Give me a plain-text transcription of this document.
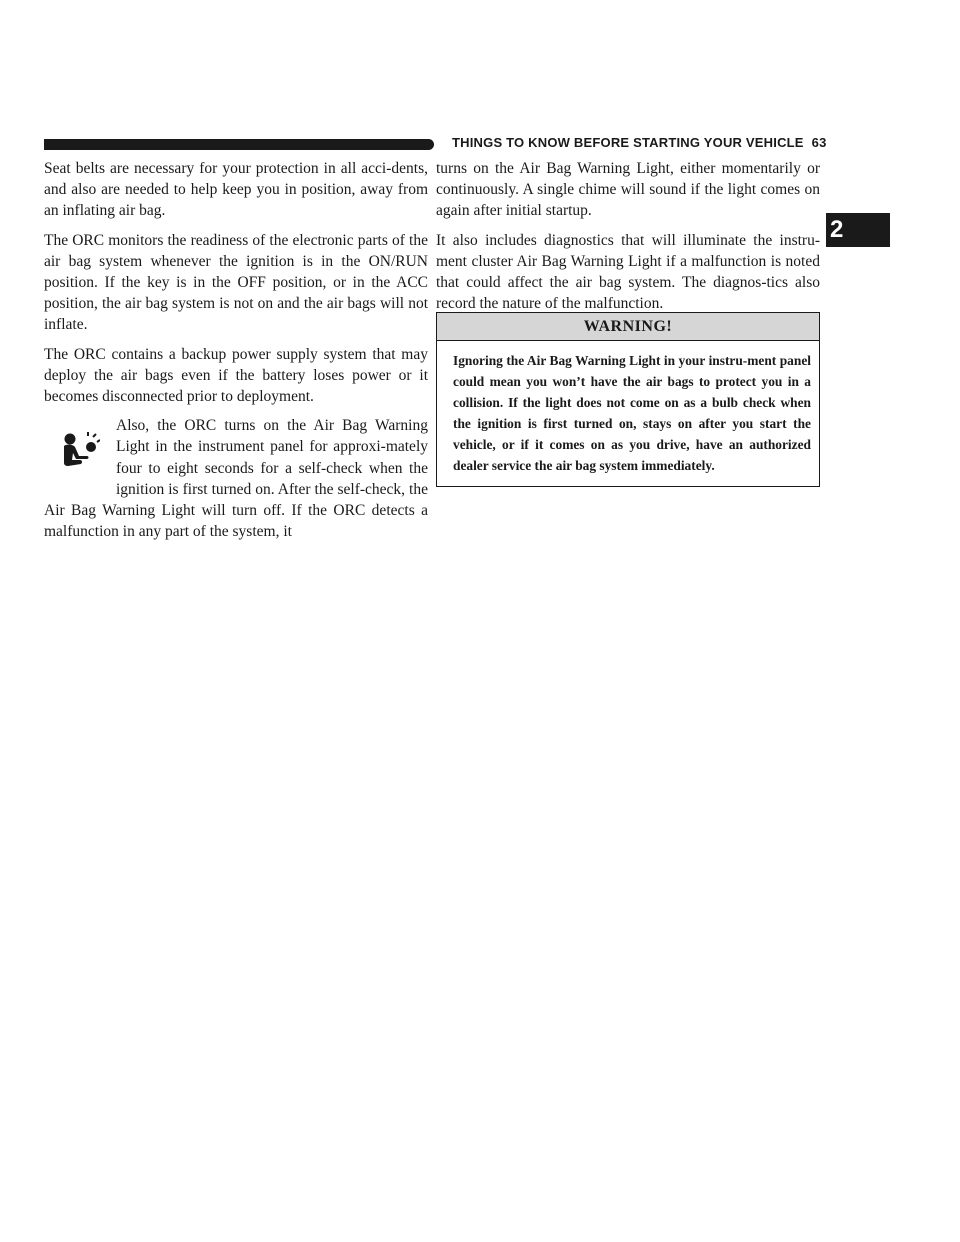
THINGS TO KNOW BEFORE STARTING YOUR VEHICLE 63
2

Seat belts are necessary for your protection in all acci-dents, and also are needed to help keep you in position, away from an inflating air bag.

The ORC monitors the readiness of the electronic parts of the air bag system whenever the ignition is in the ON/RUN position. If the key is in the OFF position, or in the ACC position, the air bag system is not on and the air bags will not inflate.

The ORC contains a backup power supply system that may deploy the air bags even if the battery loses power or it becomes disconnected prior to deployment.

Also, the ORC turns on the Air Bag Warning Light in the instrument panel for approxi-mately four to eight seconds for a self-check when the ignition is first turned on. After the self-check, the Air Bag Warning Light will turn off. If the ORC detects a malfunction in any part of the system, it

turns on the Air Bag Warning Light, either momentarily or continuously. A single chime will sound if the light comes on again after initial startup.

It also includes diagnostics that will illuminate the instru-ment cluster Air Bag Warning Light if a malfunction is noted that could affect the air bag system. The diagnos-tics also record the nature of the malfunction.

WARNING!
Ignoring the Air Bag Warning Light in your instru-ment panel could mean you won’t have the air bags to protect you in a collision. If the light does not come on as a bulb check when the ignition is first turned on, stays on after you start the vehicle, or if it comes on as you drive, have an authorized dealer service the air bag system immediately.
